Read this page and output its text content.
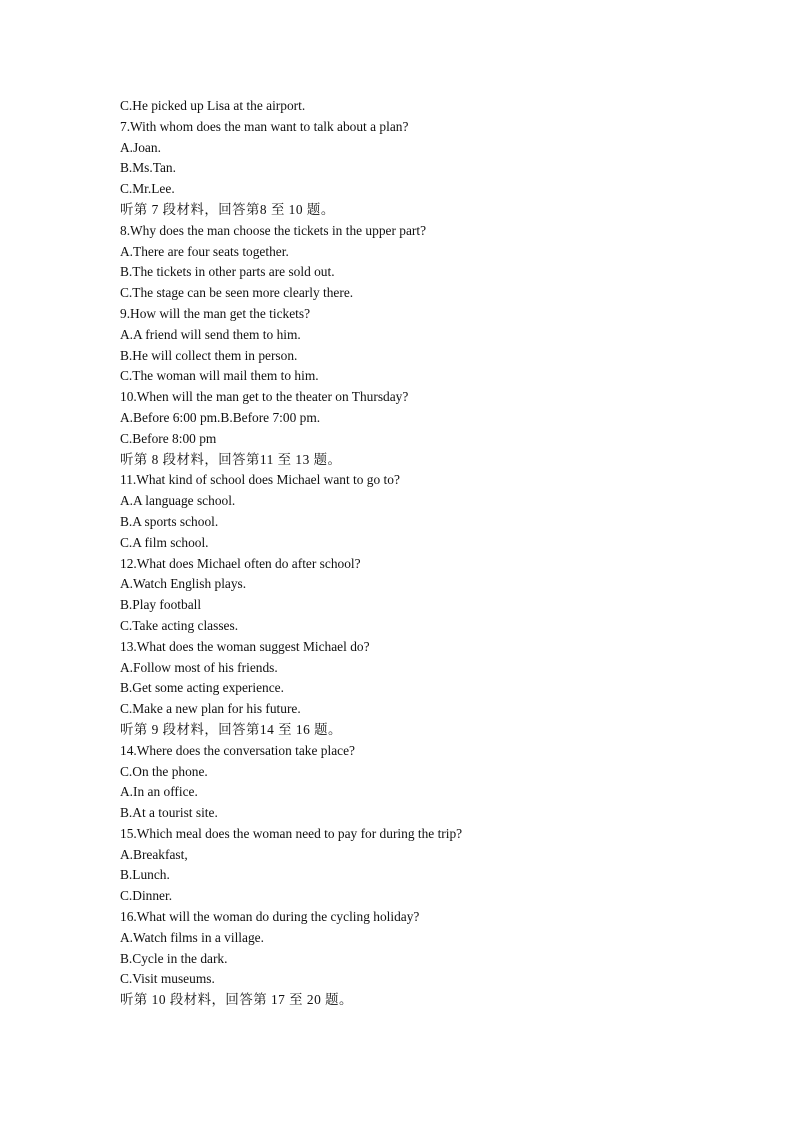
C.He picked up Lisa at the airport.
7.With whom does the man want to talk about a plan?
A.Joan.
B.Ms.Tan.
C.Mr.Lee.
听第 7 段材料，回答第8 至 10 题。
8.Why does the man choose the tickets in the upper part?
A.There are four seats together.
B.The tickets in other parts are sold out.
C.The stage can be seen more clearly there.
9.How will the man get the tickets?
A.A friend will send them to him.
B.He will collect them in person.
C.The woman will mail them to him.
10.When will the man get to the theater on Thursday?
A.Before 6:00 pm.B.Before 7:00 pm.
C.Before 8:00 pm
听第 8 段材料，回答第11 至 13 题。
11.What kind of school does Michael want to go to?
A.A language school.
B.A sports school.
C.A film school.
12.What does Michael often do after school?
A.Watch English plays.
B.Play football
C.Take acting classes.
13.What does the woman suggest Michael do?
A.Follow most of his friends.
B.Get some acting experience.
C.Make a new plan for his future.
听第 9 段材料，回答第14 至 16 题。
14.Where does the conversation take place?
C.On the phone.
A.In an office.
B.At a tourist site.
15.Which meal does the woman need to pay for during the trip?
A.Breakfast,
B.Lunch.
C.Dinner.
16.What will the woman do during the cycling holiday?
A.Watch films in a village.
B.Cycle in the dark.
C.Visit museums.
听第 10 段材料，回答第 17 至 20 题。
